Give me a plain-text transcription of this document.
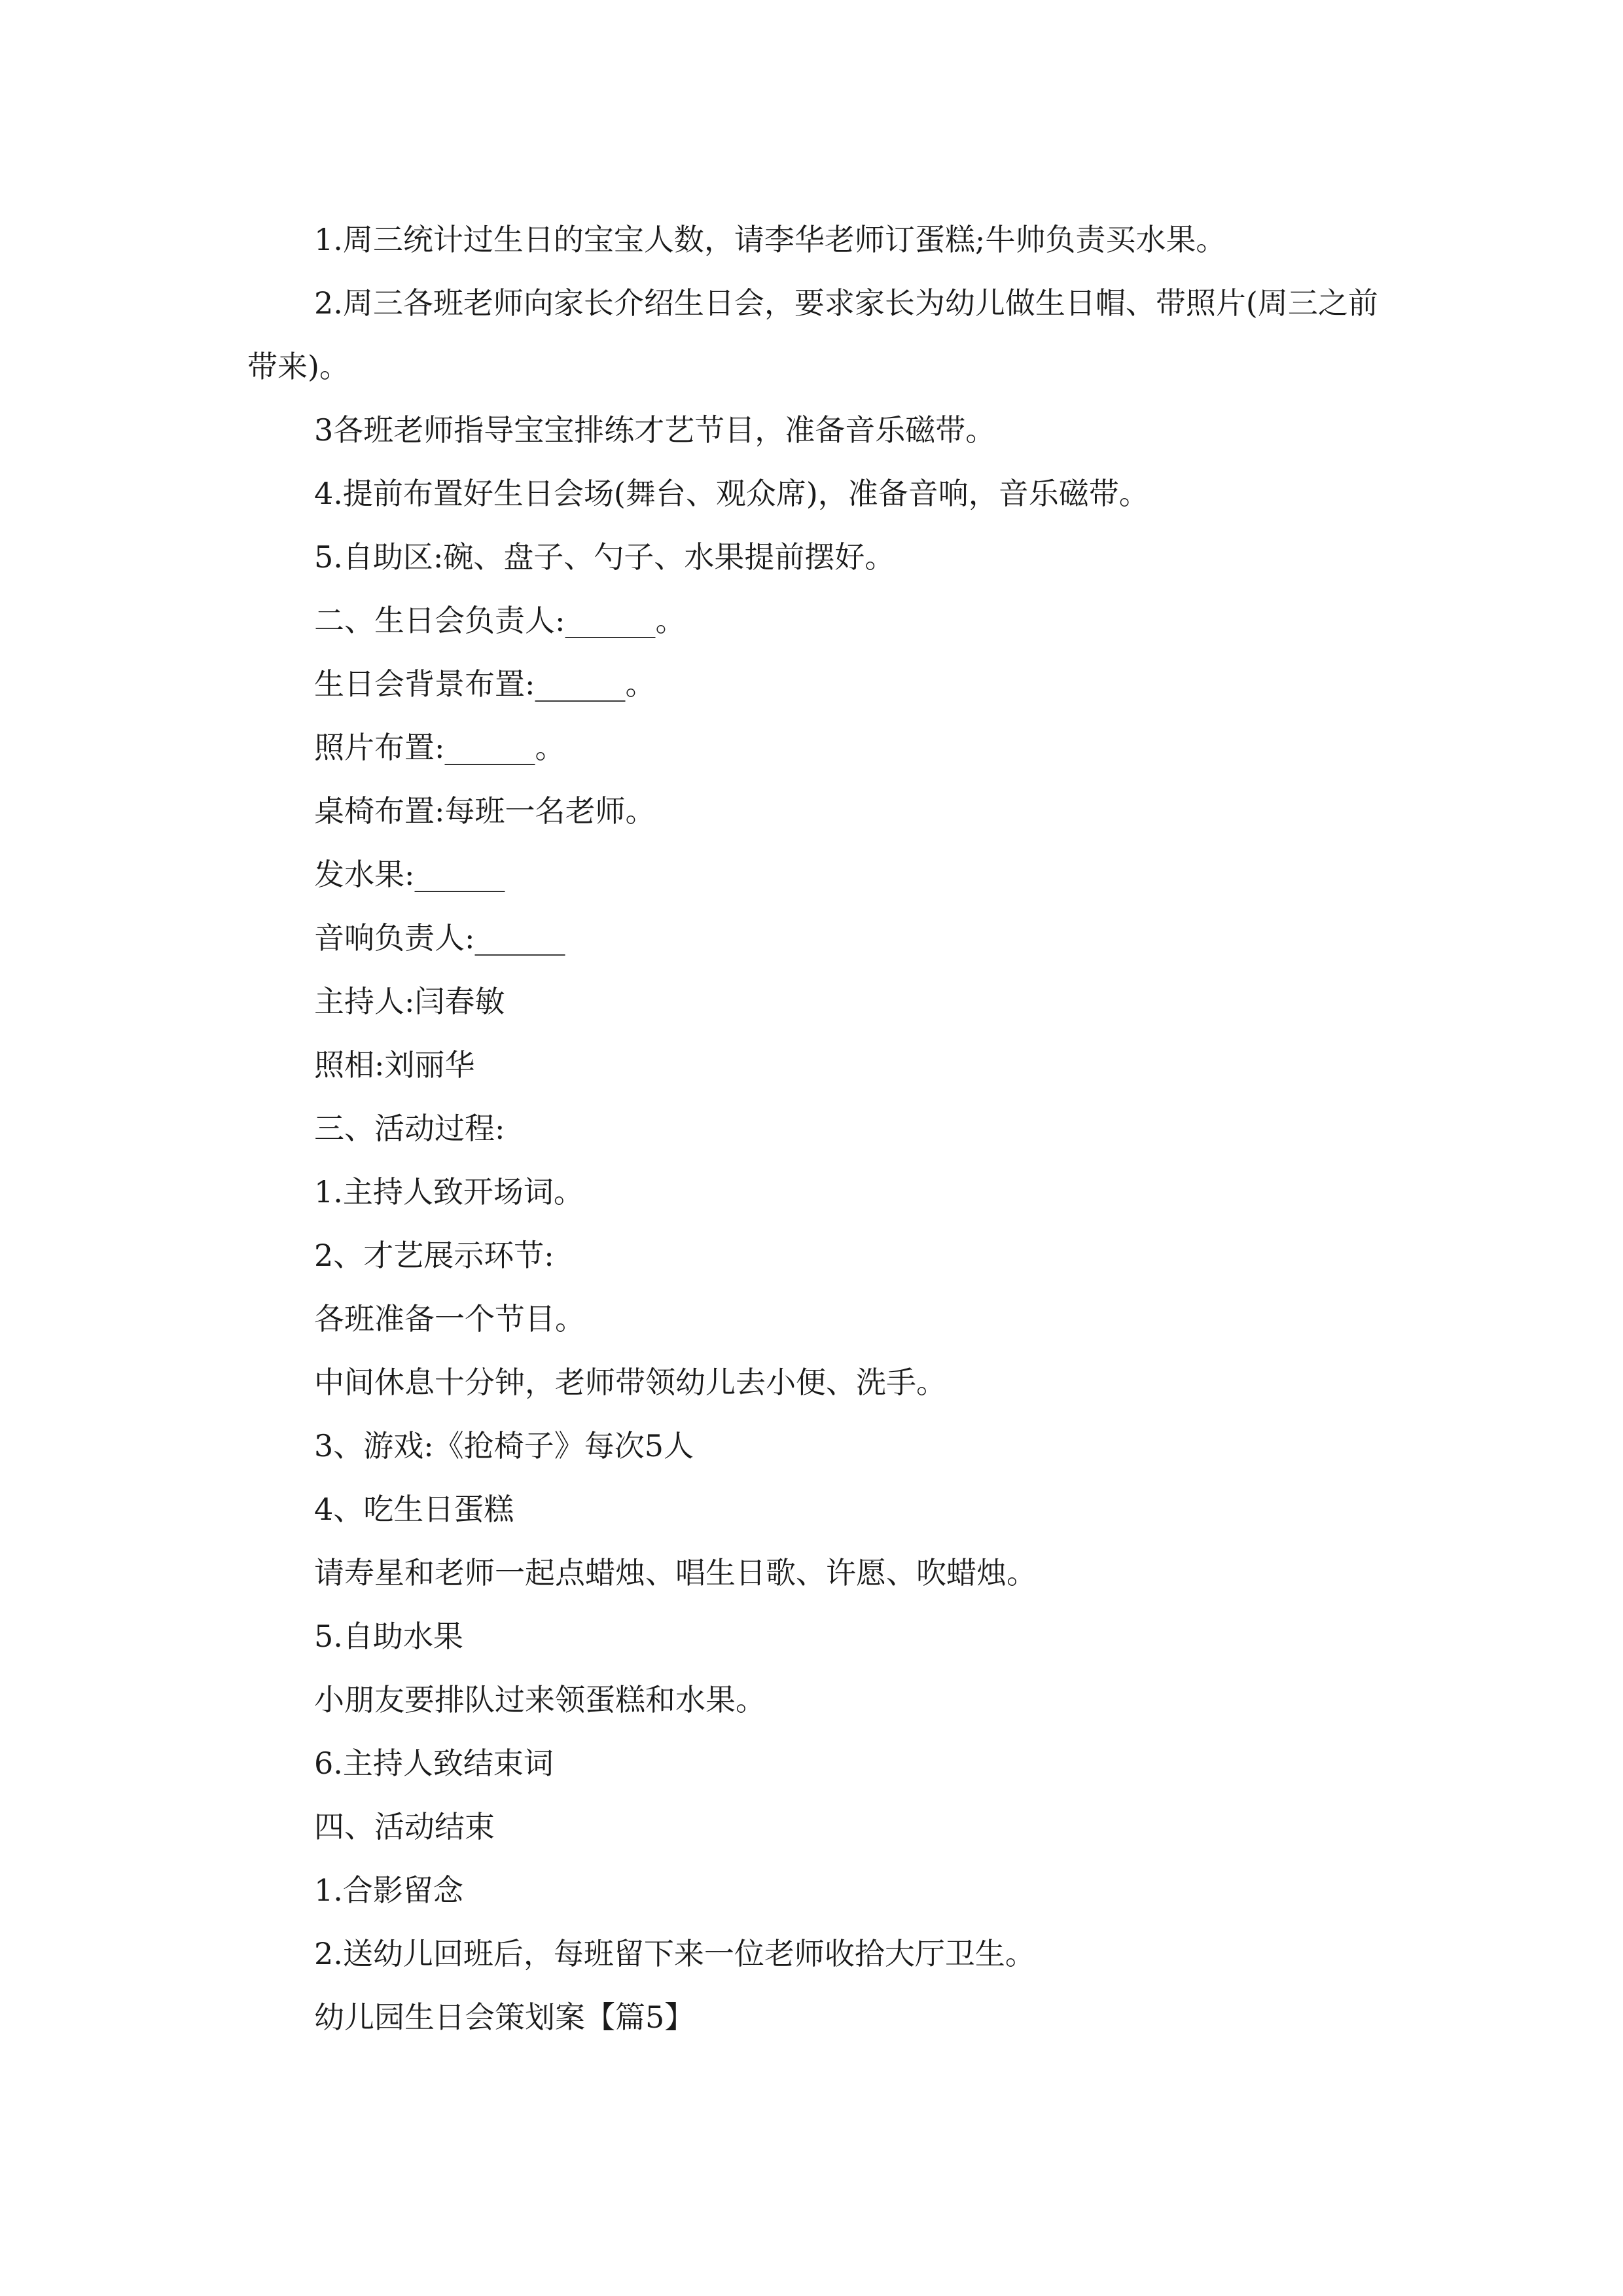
1.周三统计过生日的宝宝人数，请李华老师订蛋糕;牛帅负责买水果。

2.周三各班老师向家长介绍生日会，要求家长为幼儿做生日帽、带照片(周三之前带来)。

3各班老师指导宝宝排练才艺节目，准备音乐磁带。

4.提前布置好生日会场(舞台、观众席)，准备音响，音乐磁带。

5.自助区:碗、盘子、勺子、水果提前摆好。

二、生日会负责人:______。

生日会背景布置:______。

照片布置:______。

桌椅布置:每班一名老师。

发水果:______

音响负责人:______

主持人:闫春敏

照相:刘丽华

三、活动过程:

1.主持人致开场词。

2、才艺展示环节:

各班准备一个节目。

中间休息十分钟，老师带领幼儿去小便、洗手。

3、游戏:《抢椅子》每次5人

4、吃生日蛋糕

请寿星和老师一起点蜡烛、唱生日歌、许愿、吹蜡烛。

5.自助水果

小朋友要排队过来领蛋糕和水果。

6.主持人致结束词

四、活动结束

1.合影留念

2.送幼儿回班后，每班留下来一位老师收拾大厅卫生。

幼儿园生日会策划案【篇5】
